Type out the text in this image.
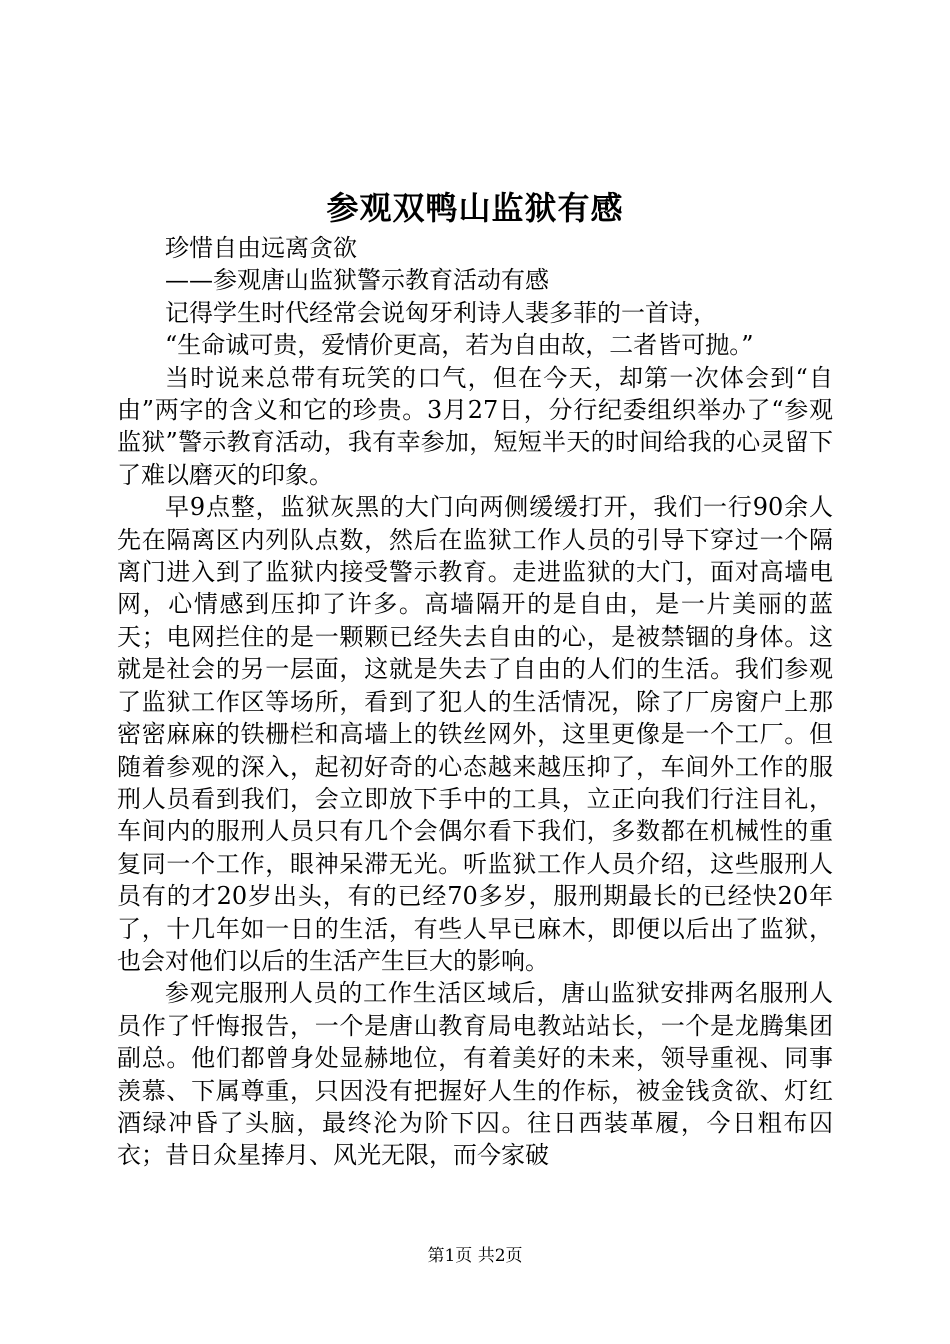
参观双鸭山监狱有感

珍惜自由远离贪欲

——参观唐山监狱警示教育活动有感

记得学生时代经常会说匈牙利诗人裴多菲的一首诗，

“生命诚可贵，爱情价更高，若为自由故，二者皆可抛。”

当时说来总带有玩笑的口气，但在今天，却第一次体会到“自由”两字的含义和它的珍贵。3月27日，分行纪委组织举办了“参观监狱”警示教育活动，我有幸参加，短短半天的时间给我的心灵留下了难以磨灭的印象。

早9点整，监狱灰黑的大门向两侧缓缓打开，我们一行90余人先在隔离区内列队点数，然后在监狱工作人员的引导下穿过一个隔离门进入到了监狱内接受警示教育。走进监狱的大门，面对高墙电网，心情感到压抑了许多。高墙隔开的是自由，是一片美丽的蓝天；电网拦住的是一颗颗已经失去自由的心，是被禁锢的身体。这就是社会的另一层面，这就是失去了自由的人们的生活。我们参观了监狱工作区等场所，看到了犯人的生活情况，除了厂房窗户上那密密麻麻的铁栅栏和高墙上的铁丝网外，这里更像是一个工厂。但随着参观的深入，起初好奇的心态越来越压抑了，车间外工作的服刑人员看到我们，会立即放下手中的工具，立正向我们行注目礼，车间内的服刑人员只有几个会偶尔看下我们，多数都在机械性的重复同一个工作，眼神呆滞无光。听监狱工作人员介绍，这些服刑人员有的才20岁出头，有的已经70多岁，服刑期最长的已经快20年了，十几年如一日的生活，有些人早已麻木，即便以后出了监狱，也会对他们以后的生活产生巨大的影响。

参观完服刑人员的工作生活区域后，唐山监狱安排两名服刑人员作了忏悔报告，一个是唐山教育局电教站站长，一个是龙腾集团副总。他们都曾身处显赫地位，有着美好的未来，领导重视、同事羡慕、下属尊重，只因没有把握好人生的作标，被金钱贪欲、灯红酒绿冲昏了头脑，最终沦为阶下囚。往日西装革履，今日粗布囚衣；昔日众星捧月、风光无限，而今家破

第1页 共2页
